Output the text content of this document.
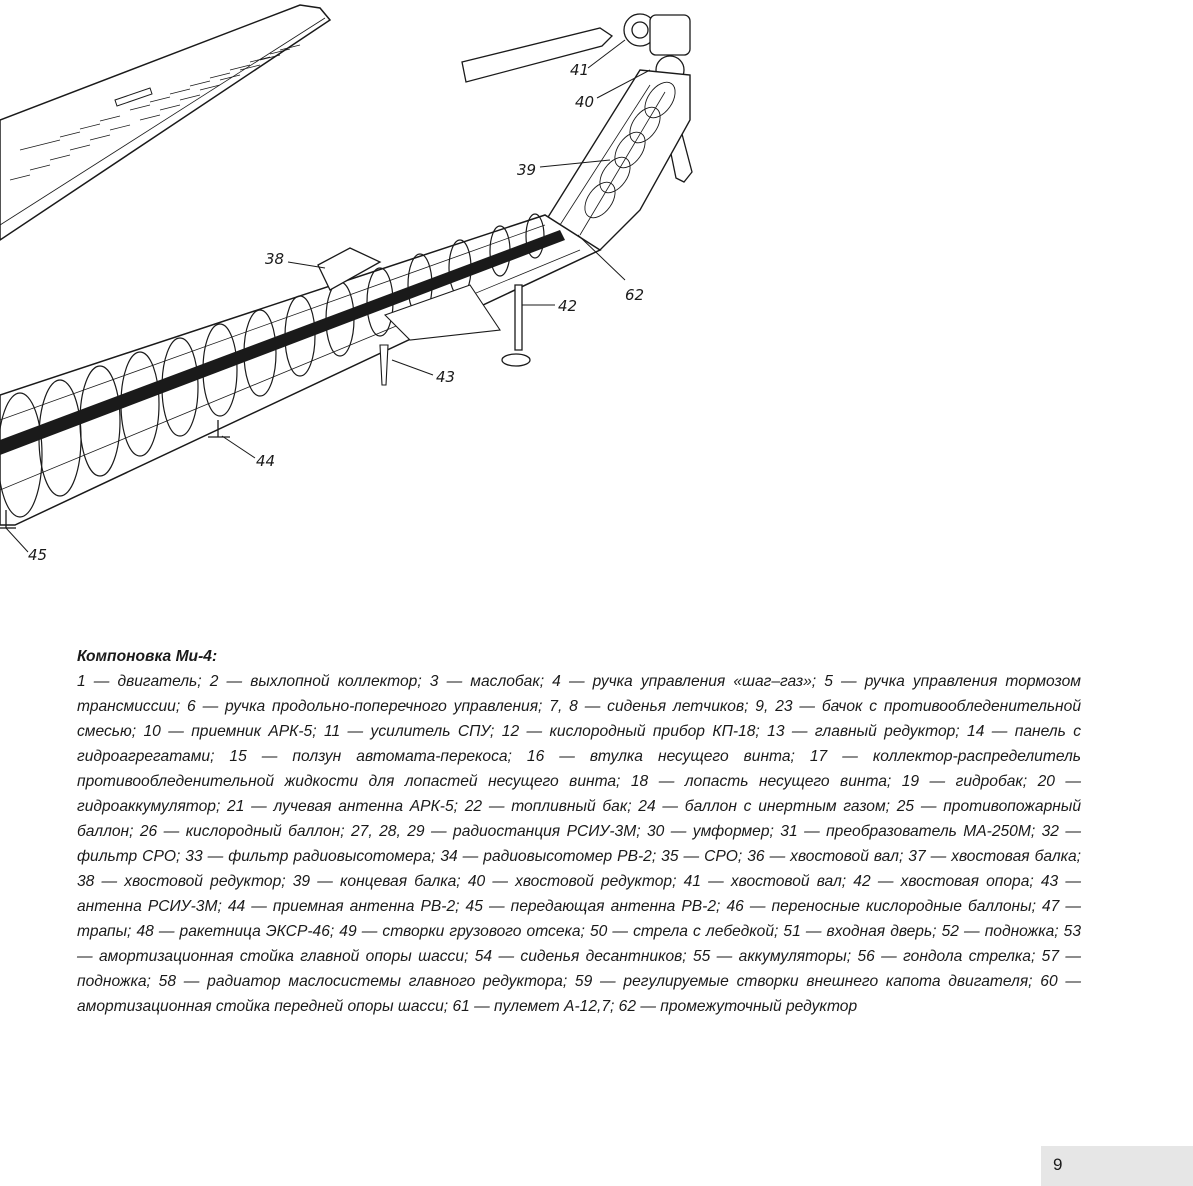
41
40
39
38
62
42
43
44
45
Компоновка Ми-4:
1 — двигатель; 2 — выхлопной коллектор; 3 — маслобак; 4 — ручка управления «шаг–газ»; 5 — ручка управления тормозом трансмиссии; 6 — ручка продольно-поперечного управления; 7, 8 — сиденья летчиков; 9, 23 — бачок с противообледенительной смесью; 10 — приемник АРК-5; 11 — усилитель СПУ; 12 — кислородный прибор КП-18; 13 — главный редуктор; 14 — панель с гидроагрегатами; 15 — ползун автомата-перекоса; 16 — втулка несущего винта; 17 — коллектор-распределитель противообледенительной жидкости для лопастей несущего винта; 18 — лопасть несущего винта; 19 — гидробак; 20 — гидроаккумулятор; 21 — лучевая антенна АРК-5; 22 — топливный бак; 24 — баллон с инертным газом; 25 — противопожарный баллон; 26 — кислородный баллон; 27, 28, 29 — радиостанция РСИУ-3М; 30 — умформер; 31 — преобразователь МА-250М; 32 — фильтр СРО; 33 — фильтр радиовысотомера; 34 — радиовысотомер РВ-2; 35 — СРО; 36 — хвостовой вал; 37 — хвостовая балка; 38 — хвостовой редуктор; 39 — концевая балка; 40 — хвостовой редуктор; 41 — хвостовой вал; 42 — хвостовая опора; 43 — антенна РСИУ-3М; 44 — приемная антенна РВ-2; 45 — передающая антенна РВ-2; 46 — переносные кислородные баллоны; 47 — трапы; 48 — ракетница ЭКСР-46; 49 — створки грузового отсека; 50 — стрела с лебедкой; 51 — входная дверь; 52 — подножка; 53 — амортизационная стойка главной опоры шасси; 54 — сиденья десантников; 55 — аккумуляторы; 56 — гондола стрелка; 57 — подножка; 58 — радиатор маслосистемы главного редуктора; 59 — регулируемые створки внешнего капота двигателя; 60 — амортизационная стойка передней опоры шасси; 61 — пулемет А-12,7; 62 — промежуточный редуктор
9
